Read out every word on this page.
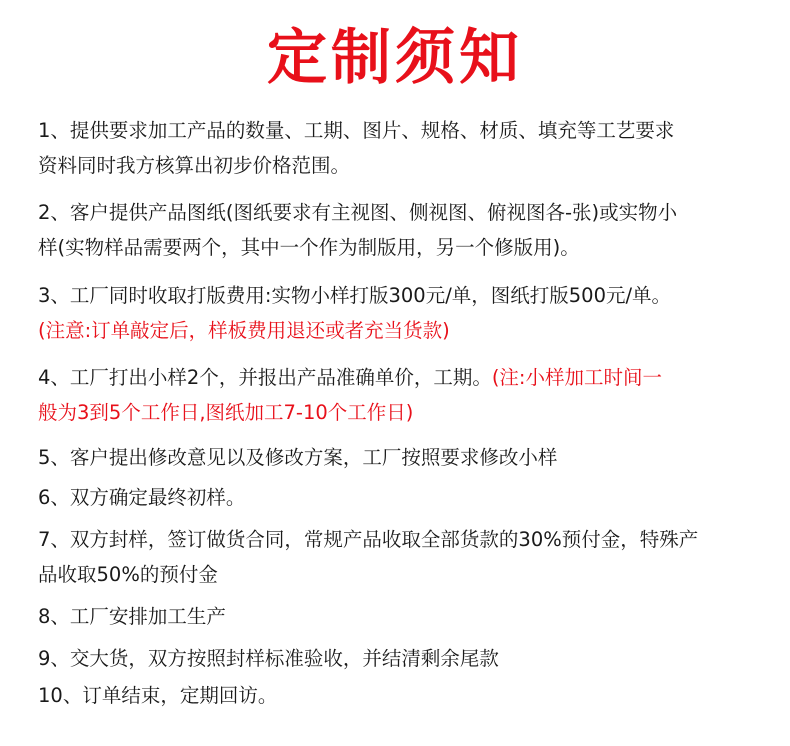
定制须知
1、提供要求加工产品的数量、工期、图片、规格、材质、填充等工艺要求
资料同时我方核算出初步价格范围。
2、客户提供产品图纸(图纸要求有主视图、侧视图、俯视图各-张)或实物小
样(实物样品需要两个，其中一个作为制版用，另一个修版用)。
3、工厂同时收取打版费用:实物小样打版300元/单，图纸打版500元/单。
(注意:订单敲定后，样板费用退还或者充当货款)
4、工厂打出小样2个，并报出产品准确单价，工期。(注:小样加工时间一
般为3到5个工作日,图纸加工7-10个工作日)
5、客户提出修改意见以及修改方案，工厂按照要求修改小样
6、双方确定最终初样。
7、双方封样，签订做货合同，常规产品收取全部货款的30%预付金，特殊产
品收取50%的预付金
8、工厂安排加工生产
9、交大货，双方按照封样标准验收，并结清剩余尾款
10、订单结束，定期回访。
